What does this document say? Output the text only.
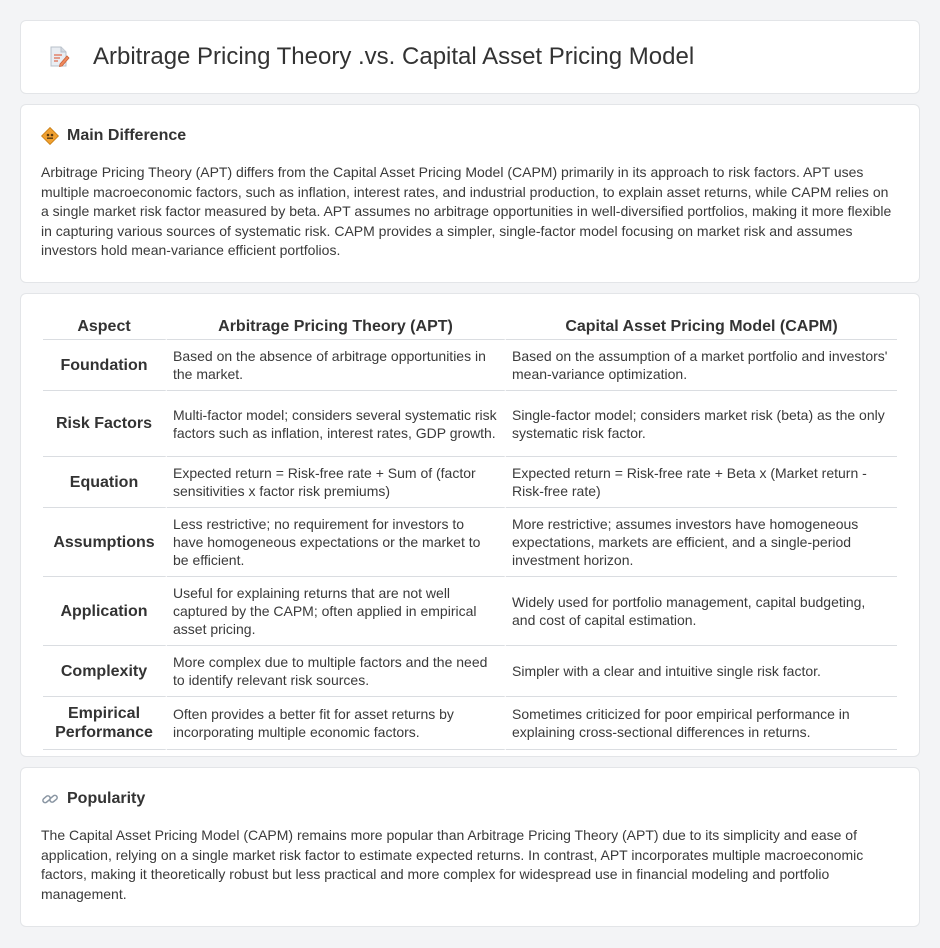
Arbitrage Pricing Theory .vs. Capital Asset Pricing Model
Main Difference

Arbitrage Pricing Theory (APT) differs from the Capital Asset Pricing Model (CAPM) primarily in its approach to risk factors. APT uses multiple macroeconomic factors, such as inflation, interest rates, and industrial production, to explain asset returns, while CAPM relies on a single market risk factor measured by beta. APT assumes no arbitrage opportunities in well-diversified portfolios, making it more flexible in capturing various sources of systematic risk. CAPM provides a simpler, single-factor model focusing on market risk and assumes investors hold mean-variance efficient portfolios.

Aspect	Arbitrage Pricing Theory (APT)	Capital Asset Pricing Model (CAPM)
Foundation	Based on the absence of arbitrage opportunities in the market.	Based on the assumption of a market portfolio and investors' mean-variance optimization.
Risk Factors	Multi-factor model; considers several systematic risk factors such as inflation, interest rates, GDP growth.	Single-factor model; considers market risk (beta) as the only systematic risk factor.
Equation	Expected return = Risk-free rate + Sum of (factor sensitivities x factor risk premiums)	Expected return = Risk-free rate + Beta x (Market return - Risk-free rate)
Assumptions	Less restrictive; no requirement for investors to have homogeneous expectations or the market to be efficient.	More restrictive; assumes investors have homogeneous expectations, markets are efficient, and a single-period investment horizon.
Application	Useful for explaining returns that are not well captured by the CAPM; often applied in empirical asset pricing.	Widely used for portfolio management, capital budgeting, and cost of capital estimation.
Complexity	More complex due to multiple factors and the need to identify relevant risk sources.	Simpler with a clear and intuitive single risk factor.
Empirical Performance	Often provides a better fit for asset returns by incorporating multiple economic factors.	Sometimes criticized for poor empirical performance in explaining cross-sectional differences in returns.
Popularity

The Capital Asset Pricing Model (CAPM) remains more popular than Arbitrage Pricing Theory (APT) due to its simplicity and ease of application, relying on a single market risk factor to estimate expected returns. In contrast, APT incorporates multiple macroeconomic factors, making it theoretically robust but less practical and more complex for widespread use in financial modeling and portfolio management.
